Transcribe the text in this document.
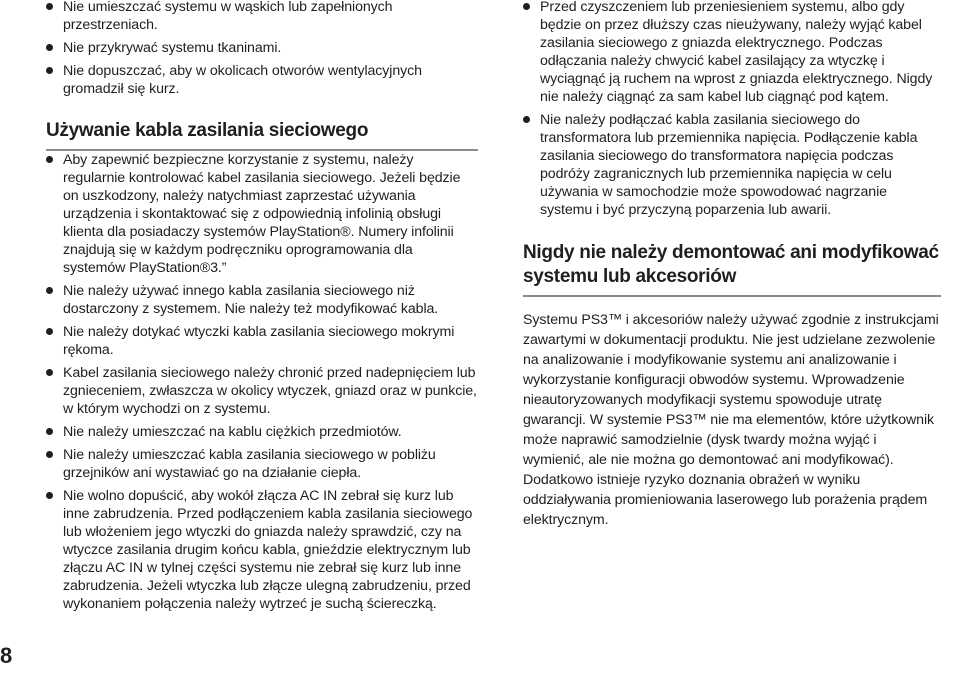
Nie umieszczać systemu w wąskich lub zapełnionych przestrzeniach.
Nie przykrywać systemu tkaninami.
Nie dopuszczać, aby w okolicach otworów wentylacyjnych gromadził się kurz.
Używanie kabla zasilania sieciowego
Aby zapewnić bezpieczne korzystanie z systemu, należy regularnie kontrolować kabel zasilania sieciowego. Jeżeli będzie on uszkodzony, należy natychmiast zaprzestać używania urządzenia i skontaktować się z odpowiednią infolinią obsługi klienta dla posiadaczy systemów PlayStation®. Numery infolinii znajdują się w każdym podręczniku oprogramowania dla systemów PlayStation®3.”
Nie należy używać innego kabla zasilania sieciowego niż dostarczony z systemem. Nie należy też modyfikować kabla.
Nie należy dotykać wtyczki kabla zasilania sieciowego mokrymi rękoma.
Kabel zasilania sieciowego należy chronić przed nadepnięciem lub zgnieceniem, zwłaszcza w okolicy wtyczek, gniazd oraz w punkcie, w którym wychodzi on z systemu.
Nie należy umieszczać na kablu ciężkich przedmiotów.
Nie należy umieszczać kabla zasilania sieciowego w pobliżu grzejników ani wystawiać go na działanie ciepła.
Nie wolno dopuścić, aby wokół złącza AC IN zebrał się kurz lub inne zabrudzenia. Przed podłączeniem kabla zasilania sieciowego lub włożeniem jego wtyczki do gniazda należy sprawdzić, czy na wtyczce zasilania drugim końcu kabla, gnieździe elektrycznym lub złączu AC IN w tylnej części systemu nie zebrał się kurz lub inne zabrudzenia. Jeżeli wtyczka lub złącze ulegną zabrudzeniu, przed wykonaniem połączenia należy wytrzeć je suchą ściereczką.
Przed czyszczeniem lub przeniesieniem systemu, albo gdy będzie on przez dłuższy czas nieużywany, należy wyjąć kabel zasilania sieciowego z gniazda elektrycznego. Podczas odłączania należy chwycić kabel zasilający za wtyczkę i wyciągnąć ją ruchem na wprost z gniazda elektrycznego. Nigdy nie należy ciągnąć za sam kabel lub ciągnąć pod kątem.
Nie należy podłączać kabla zasilania sieciowego do transformatora lub przemiennika napięcia. Podłączenie kabla zasilania sieciowego do transformatora napięcia podczas podróży zagranicznych lub przemiennika napięcia w celu używania w samochodzie może spowodować nagrzanie systemu i być przyczyną poparzenia lub awarii.
Nigdy nie należy demontować ani modyfikować systemu lub akcesoriów

Systemu PS3™ i akcesoriów należy używać zgodnie z instrukcjami zawartymi w dokumentacji produktu. Nie jest udzielane zezwolenie na analizowanie i modyfikowanie systemu ani analizowanie i wykorzystanie konfiguracji obwodów systemu. Wprowadzenie nieautoryzowanych modyfikacji systemu spowoduje utratę gwarancji. W systemie PS3™ nie ma elementów, które użytkownik może naprawić samodzielnie (dysk twardy można wyjąć i wymienić, ale nie można go demontować ani modyfikować). Dodatkowo istnieje ryzyko doznania obrażeń w wyniku oddziaływania promieniowania laserowego lub porażenia prądem elektrycznym.

8
